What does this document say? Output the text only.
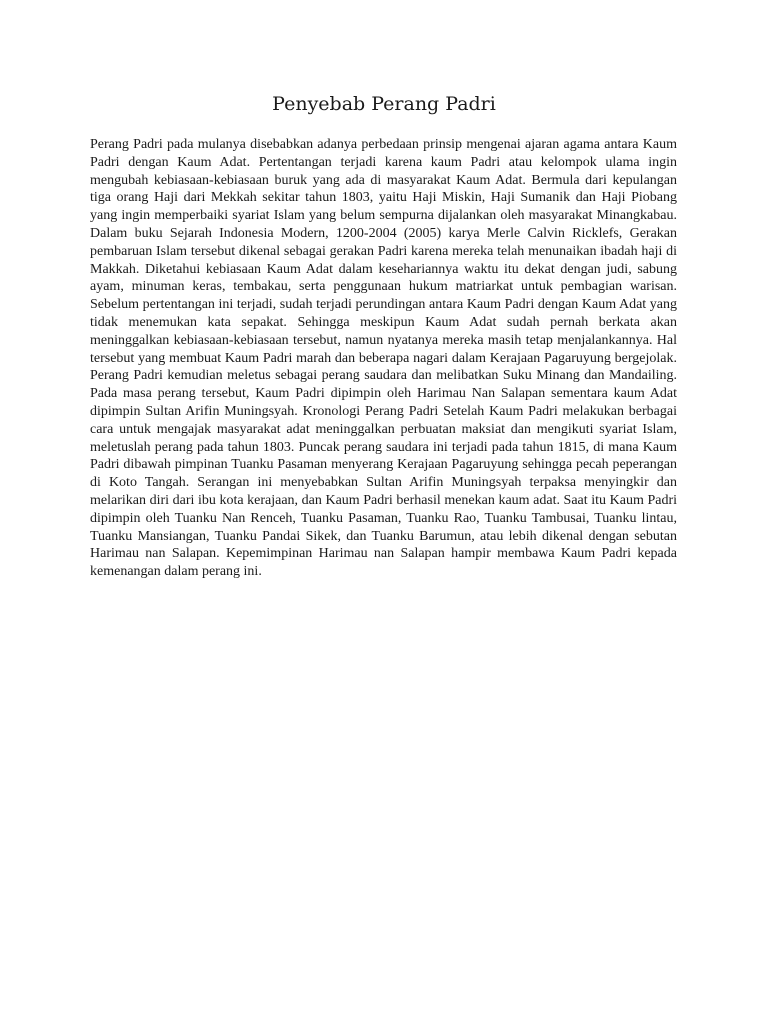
Penyebab Perang Padri

Perang Padri pada mulanya disebabkan adanya perbedaan prinsip mengenai ajaran agama antara Kaum Padri dengan Kaum Adat. Pertentangan terjadi karena kaum Padri atau kelompok ulama ingin mengubah kebiasaan-kebiasaan buruk yang ada di masyarakat Kaum Adat. Bermula dari kepulangan tiga orang Haji dari Mekkah sekitar tahun 1803, yaitu Haji Miskin, Haji Sumanik dan Haji Piobang yang ingin memperbaiki syariat Islam yang belum sempurna dijalankan oleh masyarakat Minangkabau. Dalam buku Sejarah Indonesia Modern, 1200-2004 (2005) karya Merle Calvin Ricklefs, Gerakan pembaruan Islam tersebut dikenal sebagai gerakan Padri karena mereka telah menunaikan ibadah haji di Makkah. Diketahui kebiasaan Kaum Adat dalam kesehariannya waktu itu dekat dengan judi, sabung ayam, minuman keras, tembakau, serta penggunaan hukum matriarkat untuk pembagian warisan. Sebelum pertentangan ini terjadi, sudah terjadi perundingan antara Kaum Padri dengan Kaum Adat yang tidak menemukan kata sepakat. Sehingga meskipun Kaum Adat sudah pernah berkata akan meninggalkan kebiasaan-kebiasaan tersebut, namun nyatanya mereka masih tetap menjalankannya. Hal tersebut yang membuat Kaum Padri marah dan beberapa nagari dalam Kerajaan Pagaruyung bergejolak. Perang Padri kemudian meletus sebagai perang saudara dan melibatkan Suku Minang dan Mandailing. Pada masa perang tersebut, Kaum Padri dipimpin oleh Harimau Nan Salapan sementara kaum Adat dipimpin Sultan Arifin Muningsyah. Kronologi Perang Padri Setelah Kaum Padri melakukan berbagai cara untuk mengajak masyarakat adat meninggalkan perbuatan maksiat dan mengikuti syariat Islam, meletuslah perang pada tahun 1803. Puncak perang saudara ini terjadi pada tahun 1815, di mana Kaum Padri dibawah pimpinan Tuanku Pasaman menyerang Kerajaan Pagaruyung sehingga pecah peperangan di Koto Tangah. Serangan ini menyebabkan Sultan Arifin Muningsyah terpaksa menyingkir dan melarikan diri dari ibu kota kerajaan, dan Kaum Padri berhasil menekan kaum adat. Saat itu Kaum Padri dipimpin oleh Tuanku Nan Renceh, Tuanku Pasaman, Tuanku Rao, Tuanku Tambusai, Tuanku lintau, Tuanku Mansiangan, Tuanku Pandai Sikek, dan Tuanku Barumun, atau lebih dikenal dengan sebutan Harimau nan Salapan. Kepemimpinan Harimau nan Salapan hampir membawa Kaum Padri kepada kemenangan dalam perang ini.
